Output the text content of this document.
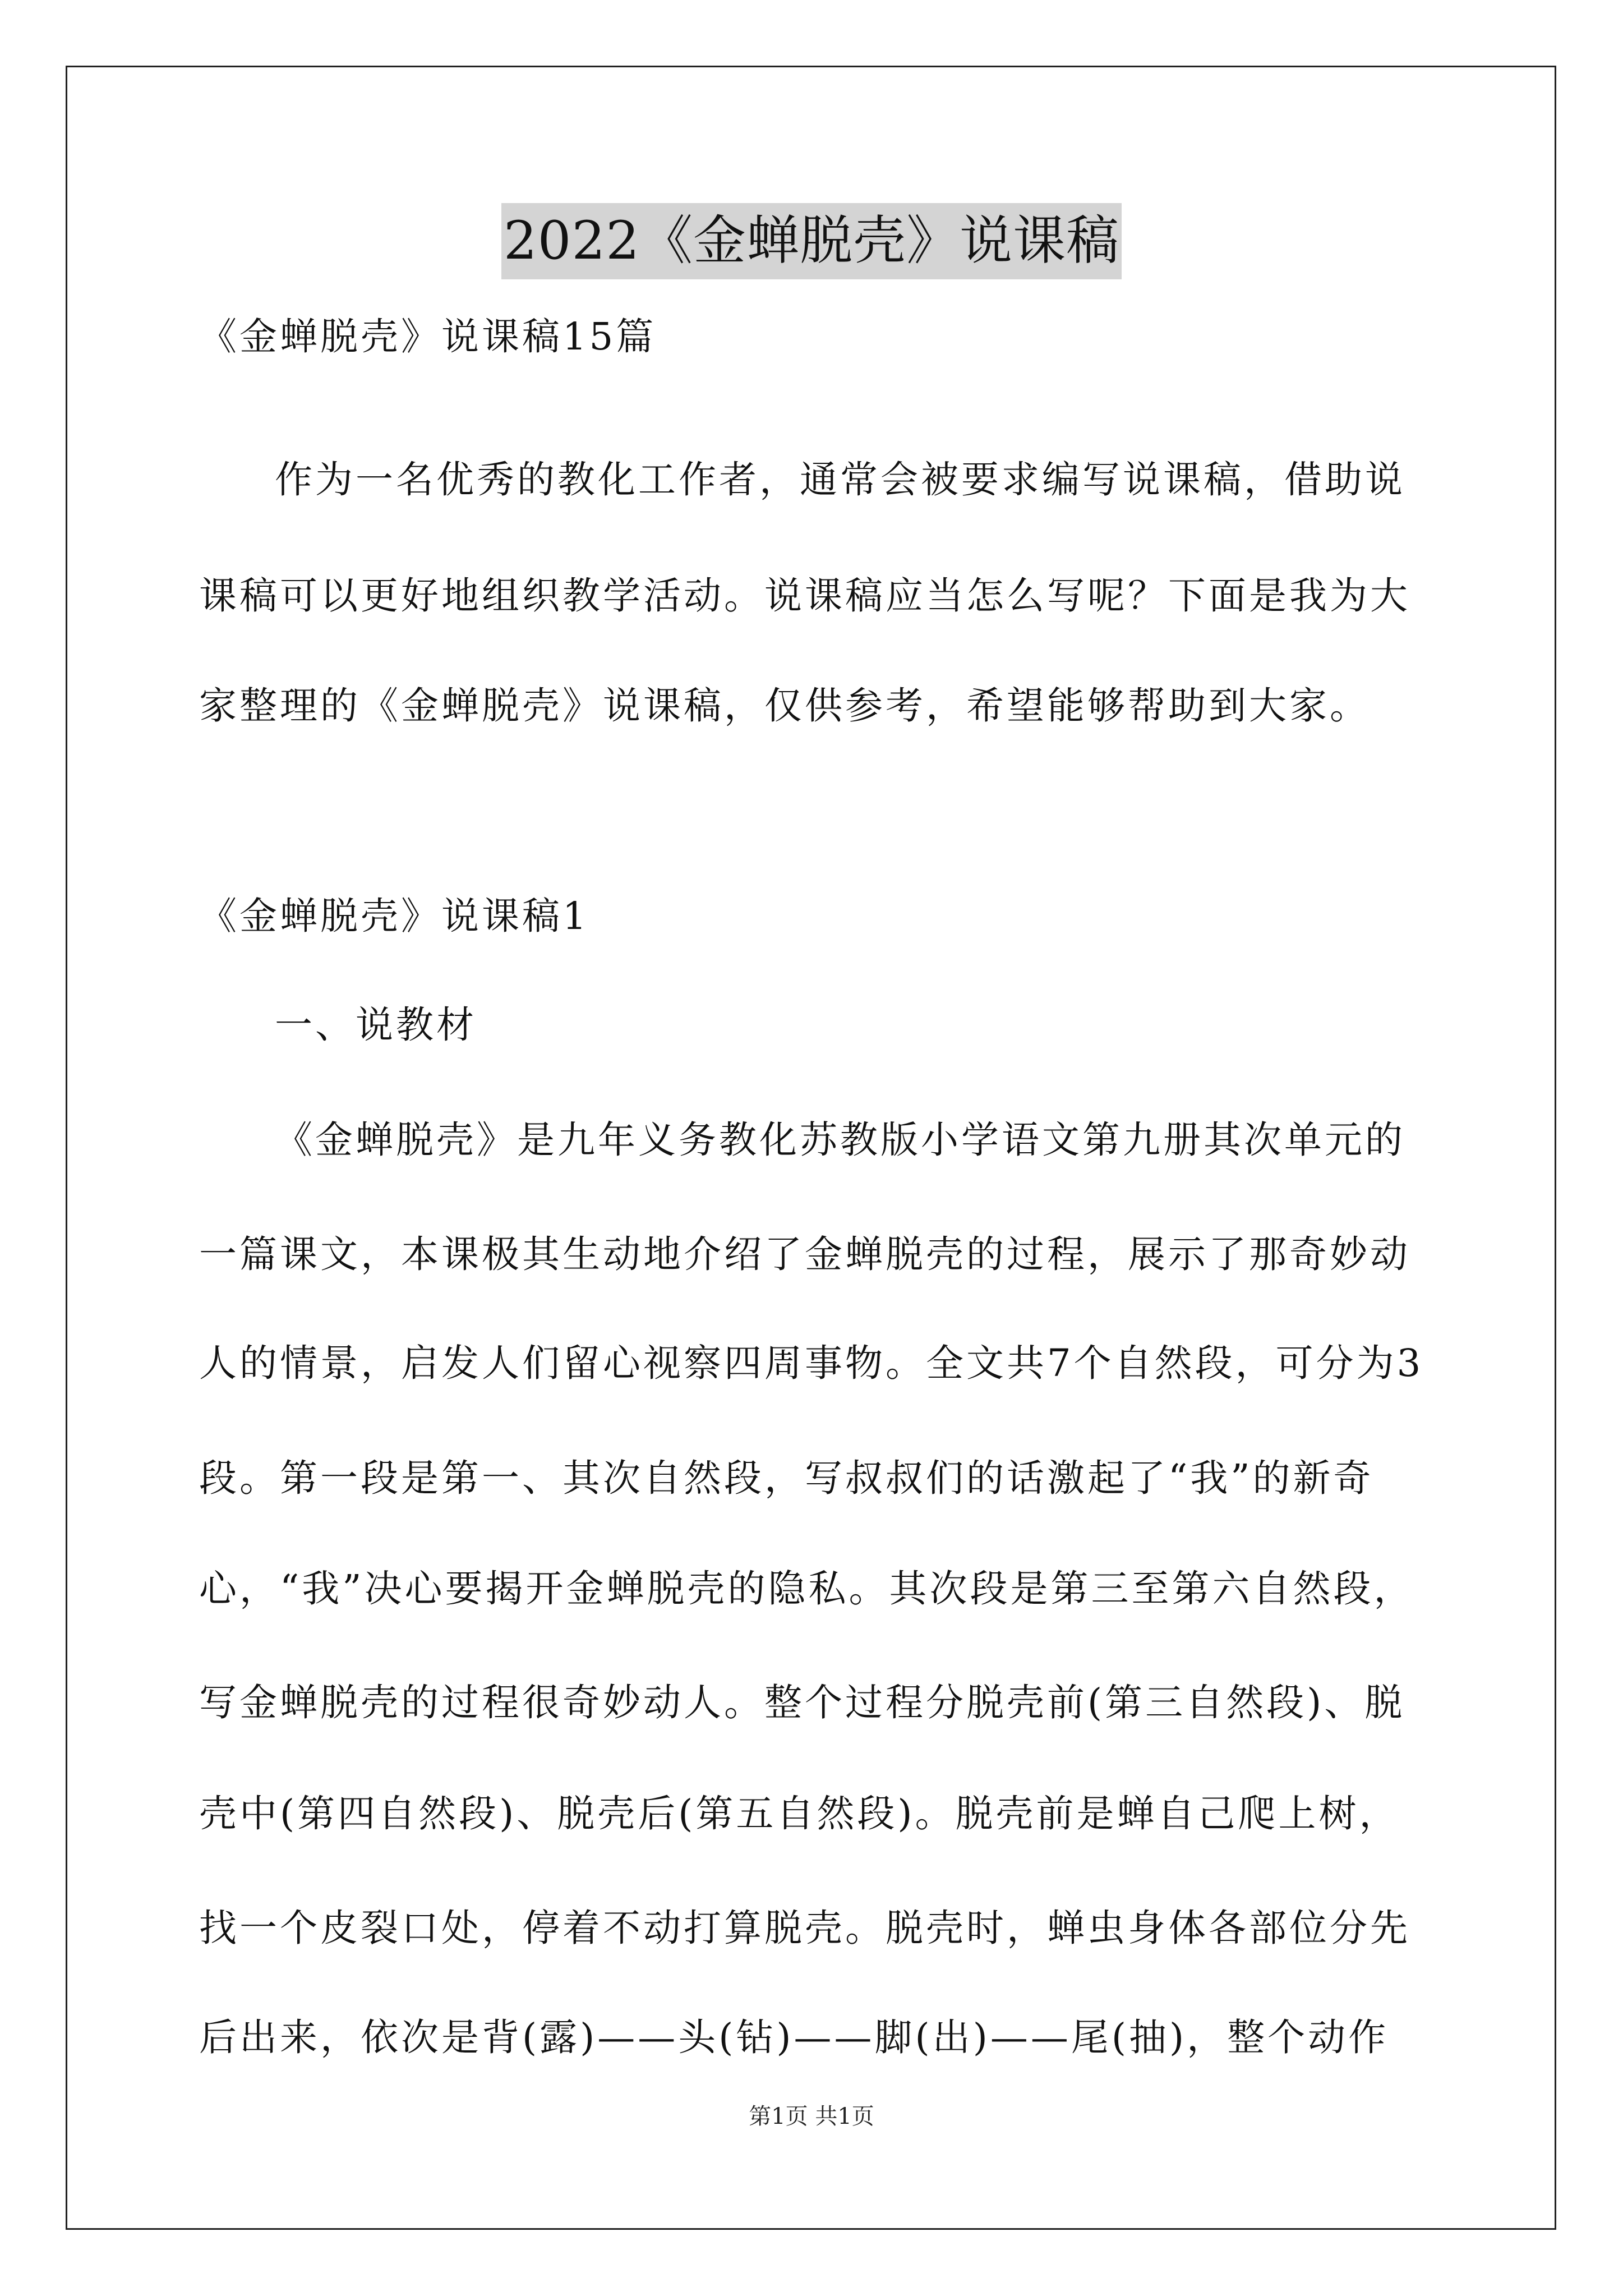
2022《金蝉脱壳》说课稿
《金蝉脱壳》说课稿15篇
作为一名优秀的教化工作者，通常会被要求编写说课稿，借助说
课稿可以更好地组织教学活动。说课稿应当怎么写呢？下面是我为大
家整理的《金蝉脱壳》说课稿，仅供参考，希望能够帮助到大家。
《金蝉脱壳》说课稿1
一、说教材
《金蝉脱壳》是九年义务教化苏教版小学语文第九册其次单元的
一篇课文，本课极其生动地介绍了金蝉脱壳的过程，展示了那奇妙动
人的情景，启发人们留心视察四周事物。全文共7个自然段，可分为3
段。第一段是第一、其次自然段，写叔叔们的话激起了“我”的新奇
心，“我”决心要揭开金蝉脱壳的隐私。其次段是第三至第六自然段，
写金蝉脱壳的过程很奇妙动人。整个过程分脱壳前(第三自然段)、脱
壳中(第四自然段)、脱壳后(第五自然段)。脱壳前是蝉自己爬上树，
找一个皮裂口处，停着不动打算脱壳。脱壳时，蝉虫身体各部位分先
后出来，依次是背(露)——头(钻)——脚(出)——尾(抽)，整个动作
第1页 共1页
